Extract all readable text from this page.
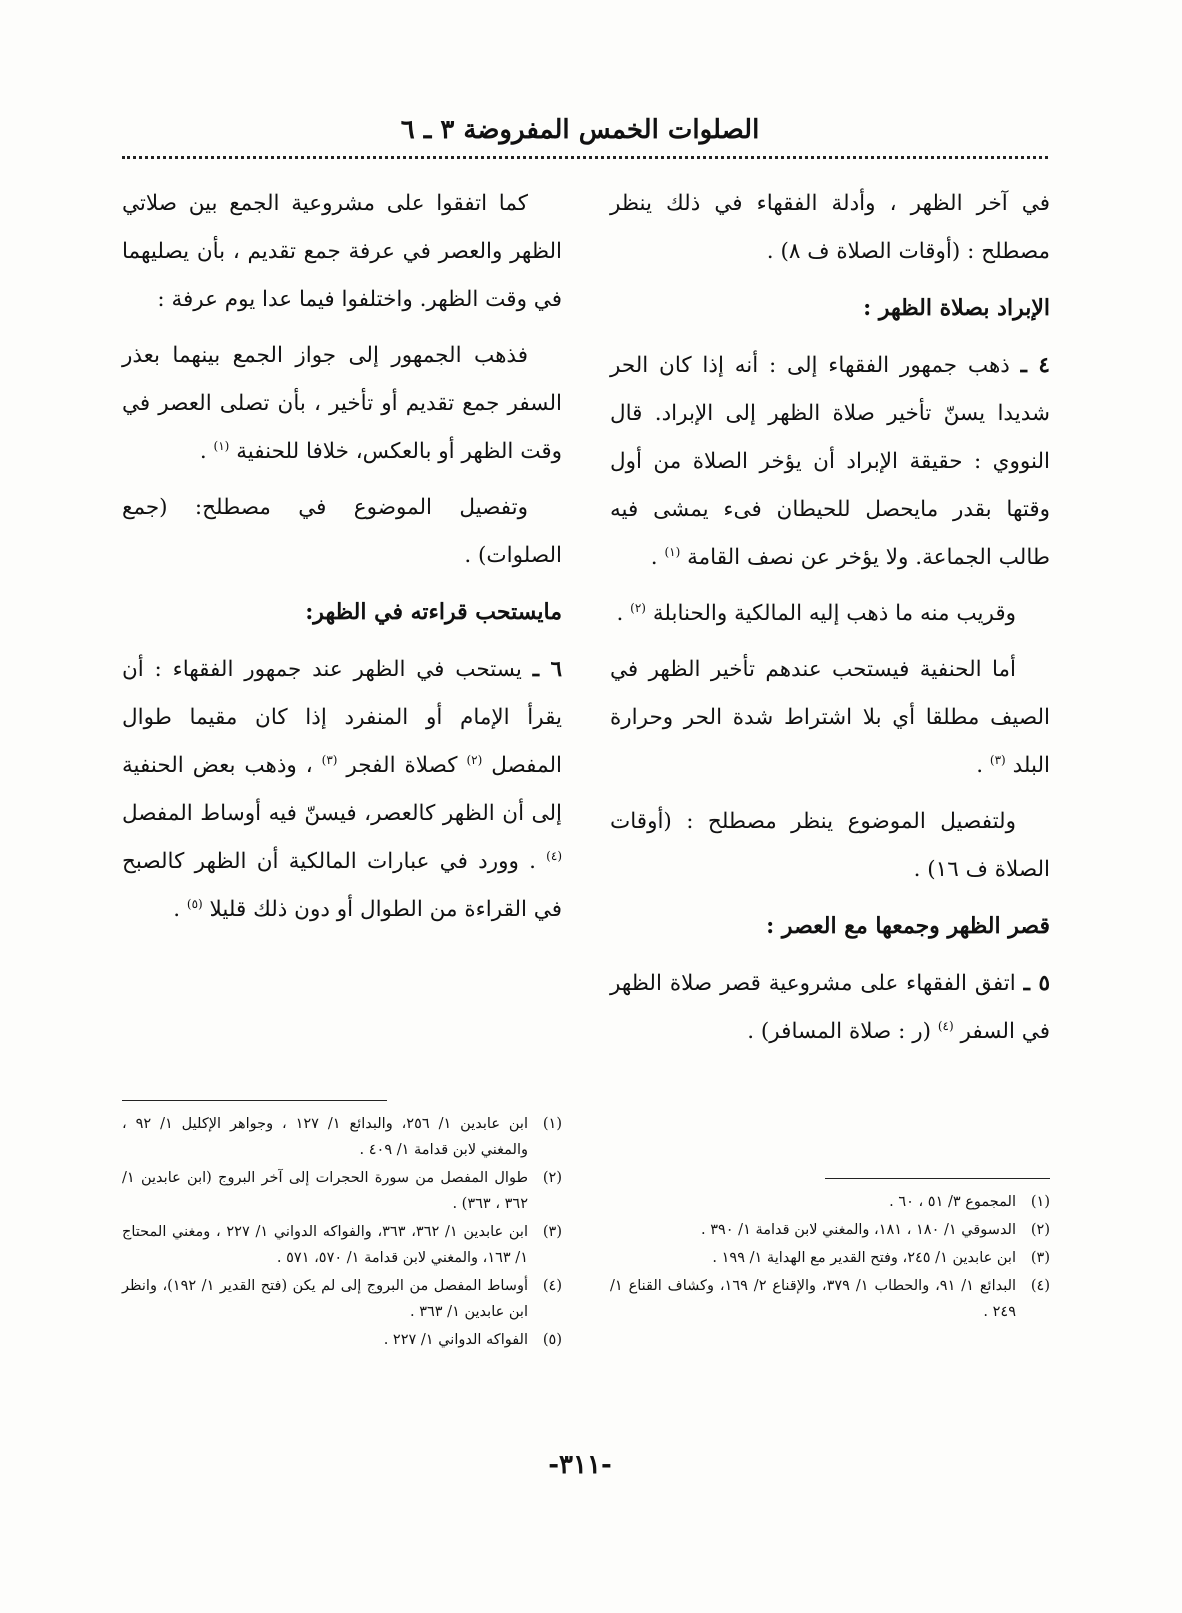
الصلوات الخمس المفروضة ٣ ـ ٦

في آخر الظهر ، وأدلة الفقهاء في ذلك ينظر مصطلح : (أوقات الصلاة ف ٨) .

الإبراد بصلاة الظهر :

٤ ـ ذهب جمهور الفقهاء إلى : أنه إذا كان الحر شديدا يسنّ تأخير صلاة الظهر إلى الإبراد. قال النووي : حقيقة الإبراد أن يؤخر الصلاة من أول وقتها بقدر مايحصل للحيطان فىء يمشى فيه طالب الجماعة. ولا يؤخر عن نصف القامة $^{(١)}$ .

وقريب منه ما ذهب إليه المالكية والحنابلة $^{(٢)}$ .

أما الحنفية فيستحب عندهم تأخير الظهر في الصيف مطلقا أي بلا اشتراط شدة الحر وحرارة البلد $^{(٣)}$ .

ولتفصيل الموضوع ينظر مصطلح : (أوقات الصلاة ف ١٦) .

قصر الظهر وجمعها مع العصر :

٥ ـ اتفق الفقهاء على مشروعية قصر صلاة الظهر في السفر $^{(٤)}$ (ر : صلاة المسافر) .

كما اتفقوا على مشروعية الجمع بين صلاتي الظهر والعصر في عرفة جمع تقديم ، بأن يصليهما في وقت الظهر. واختلفوا فيما عدا يوم عرفة :

فذهب الجمهور إلى جواز الجمع بينهما بعذر السفر جمع تقديم أو تأخير ، بأن تصلى العصر في وقت الظهر أو بالعكس، خلافا للحنفية $^{(١)}$ .

وتفصيل الموضوع في مصطلح: (جمع الصلوات) .

مايستحب قراءته في الظهر:

٦ ـ يستحب في الظهر عند جمهور الفقهاء : أن يقرأ الإمام أو المنفرد إذا كان مقيما طوال المفصل $^{(٢)}$ كصلاة الفجر $^{(٣)}$ ، وذهب بعض الحنفية إلى أن الظهر كالعصر، فيسنّ فيه أوساط المفصل $^{(٤)}$ . وورد في عبارات المالكية أن الظهر كالصبح في القراءة من الطوال أو دون ذلك قليلا $^{(٥)}$ .

(١)
المجموع ٣/ ٥١ ، ٦٠ .
(٢)
الدسوقي ١/ ١٨٠ ، ١٨١، والمغني لابن قدامة ١/ ٣٩٠ .
(٣)
ابن عابدين ١/ ٢٤٥، وفتح القدير مع الهداية ١/ ١٩٩ .
(٤)
البدائع ١/ ٩١، والحطاب ١/ ٣٧٩، والإقناع ٢/ ١٦٩، وكشاف القناع ١/ ٢٤٩ .
(١)
ابن عابدين ١/ ٢٥٦، والبدائع ١/ ١٢٧ ، وجواهر الإكليل ١/ ٩٢ ، والمغني لابن قدامة ١/ ٤٠٩ .
(٢)
طوال المفصل من سورة الحجرات إلى آخر البروج (ابن عابدين ١/ ٣٦٢ ، ٣٦٣) .
(٣)
ابن عابدين ١/ ٣٦٢، ٣٦٣، والفواكه الدواني ١/ ٢٢٧ ، ومغني المحتاج ١/ ١٦٣، والمغني لابن قدامة ١/ ٥٧٠، ٥٧١ .
(٤)
أوساط المفصل من البروج إلى لم يكن (فتح القدير ١/ ١٩٢)، وانظر ابن عابدين ١/ ٣٦٣ .
(٥)
الفواكه الدواني ١/ ٢٢٧ .
-٣١١-
